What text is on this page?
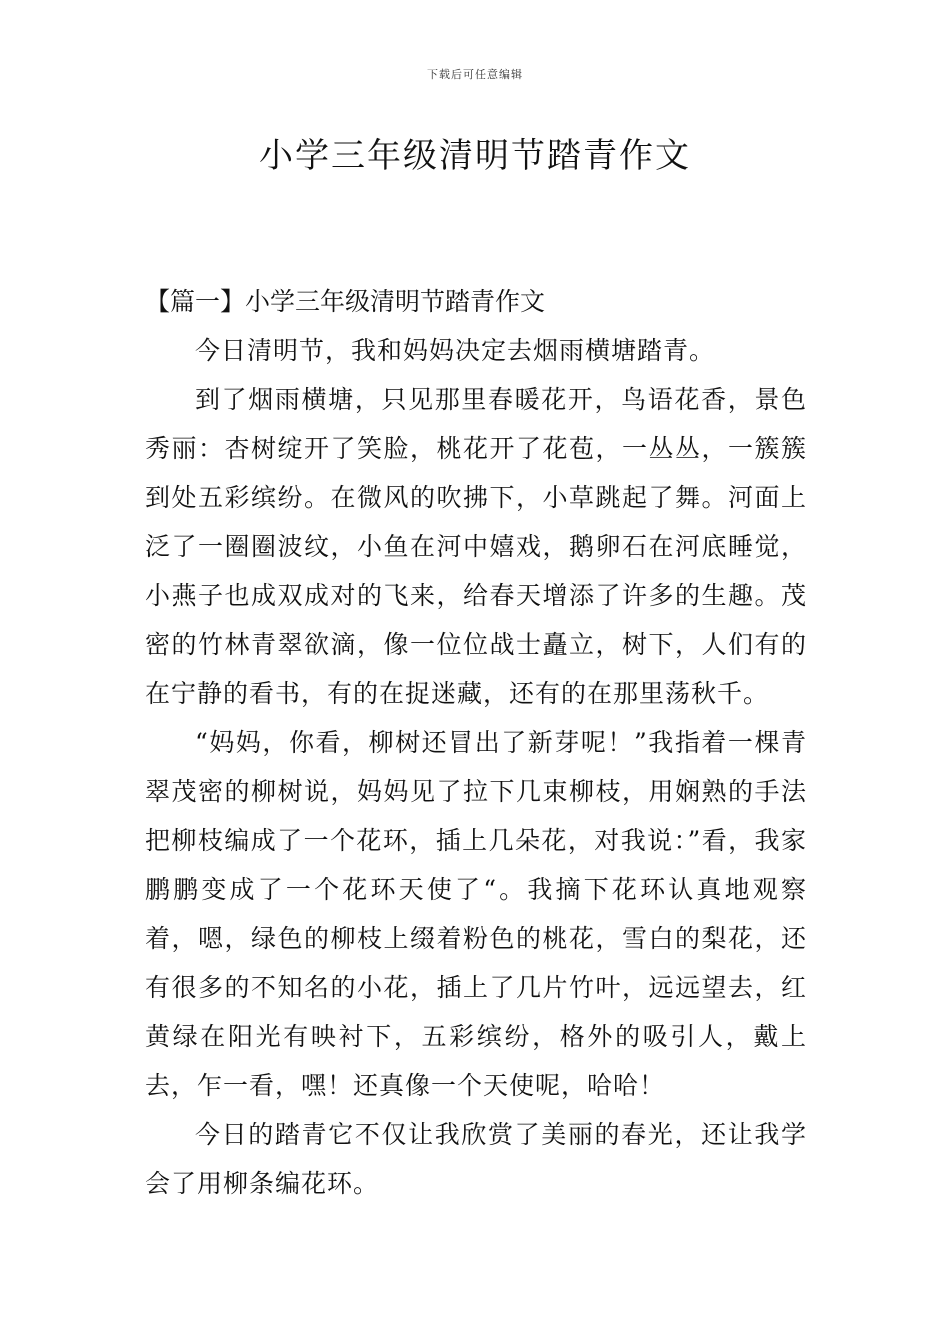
下载后可任意编辑
小学三年级清明节踏青作文

【篇一】小学三年级清明节踏青作文

今日清明节，我和妈妈决定去烟雨横塘踏青。

到了烟雨横塘，只见那里春暖花开，鸟语花香，景色秀丽：杏树绽开了笑脸，桃花开了花苞，一丛丛，一簇簇到处五彩缤纷。在微风的吹拂下，小草跳起了舞。河面上泛了一圈圈波纹，小鱼在河中嬉戏，鹅卵石在河底睡觉，小燕子也成双成对的飞来，给春天增添了许多的生趣。茂密的竹林青翠欲滴，像一位位战士矗立，树下，人们有的在宁静的看书，有的在捉迷藏，还有的在那里荡秋千。

“妈妈，你看，柳树还冒出了新芽呢！”我指着一棵青翠茂密的柳树说，妈妈见了拉下几束柳枝，用娴熟的手法把柳枝编成了一个花环，插上几朵花，对我说：”看，我家鹏鹏变成了一个花环天使了“。我摘下花环认真地观察着，嗯，绿色的柳枝上缀着粉色的桃花，雪白的梨花，还有很多的不知名的小花，插上了几片竹叶，远远望去，红黄绿在阳光有映衬下，五彩缤纷，格外的吸引人，戴上去，乍一看，嘿！还真像一个天使呢，哈哈！

今日的踏青它不仅让我欣赏了美丽的春光，还让我学会了用柳条编花环。
